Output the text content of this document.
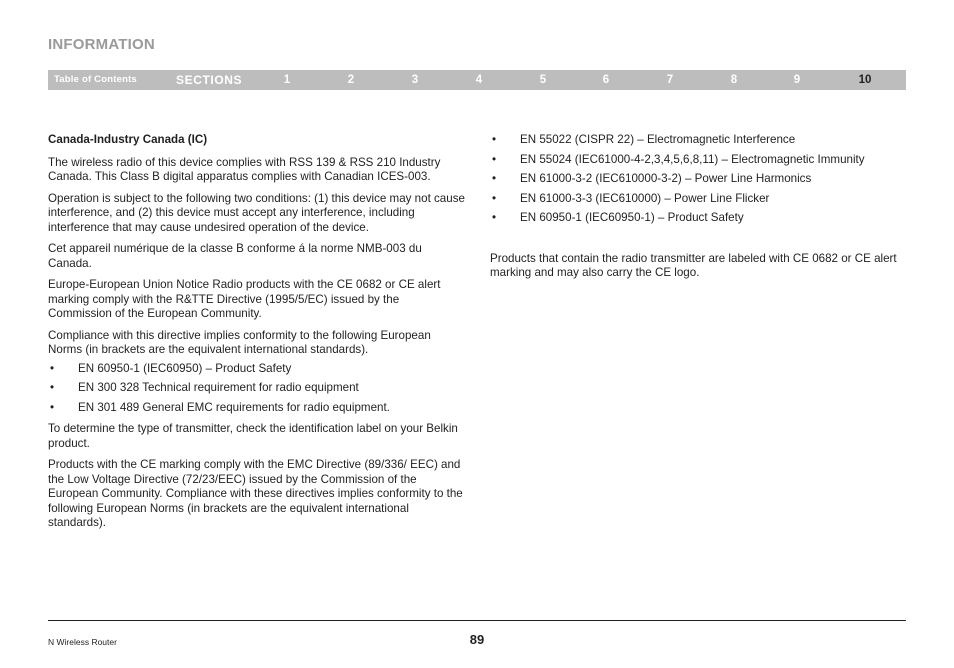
INFORMATION
Table of Contents	SECTIONS	1	2	3	4	5	6	7	8	9	10

Canada-Industry Canada (IC)

The wireless radio of this device complies with RSS 139 & RSS 210 Industry Canada. This Class B digital apparatus complies with Canadian ICES-003.

Operation is subject to the following two conditions: (1) this device may not cause interference, and (2) this device must accept any interference, including interference that may cause undesired operation of the device.

Cet appareil numérique de la classe B conforme á la norme NMB-003 du Canada.

Europe-European Union Notice Radio products with the CE 0682 or CE alert marking comply with the R&TTE Directive (1995/5/EC) issued by the Commission of the European Community.

Compliance with this directive implies conformity to the following European Norms (in brackets are the equivalent international standards).

• EN 60950-1 (IEC60950) – Product Safety
• EN 300 328 Technical requirement for radio equipment
• EN 301 489 General EMC requirements for radio equipment.

To determine the type of transmitter, check the identification label on your Belkin product.

Products with the CE marking comply with the EMC Directive (89/336/ EEC) and the Low Voltage Directive (72/23/EEC) issued by the Commission of the European Community. Compliance with these directives implies conformity to the following European Norms (in brackets are the equivalent international standards).

• EN 55022 (CISPR 22) – Electromagnetic Interference
• EN 55024 (IEC61000-4-2,3,4,5,6,8,11) – Electromagnetic Immunity
• EN 61000-3-2 (IEC610000-3-2) – Power Line Harmonics
• EN 61000-3-3 (IEC610000) – Power Line Flicker
• EN 60950-1 (IEC60950-1) – Product Safety

Products that contain the radio transmitter are labeled with CE 0682 or CE alert marking and may also carry the CE logo.

N Wireless Router	89
